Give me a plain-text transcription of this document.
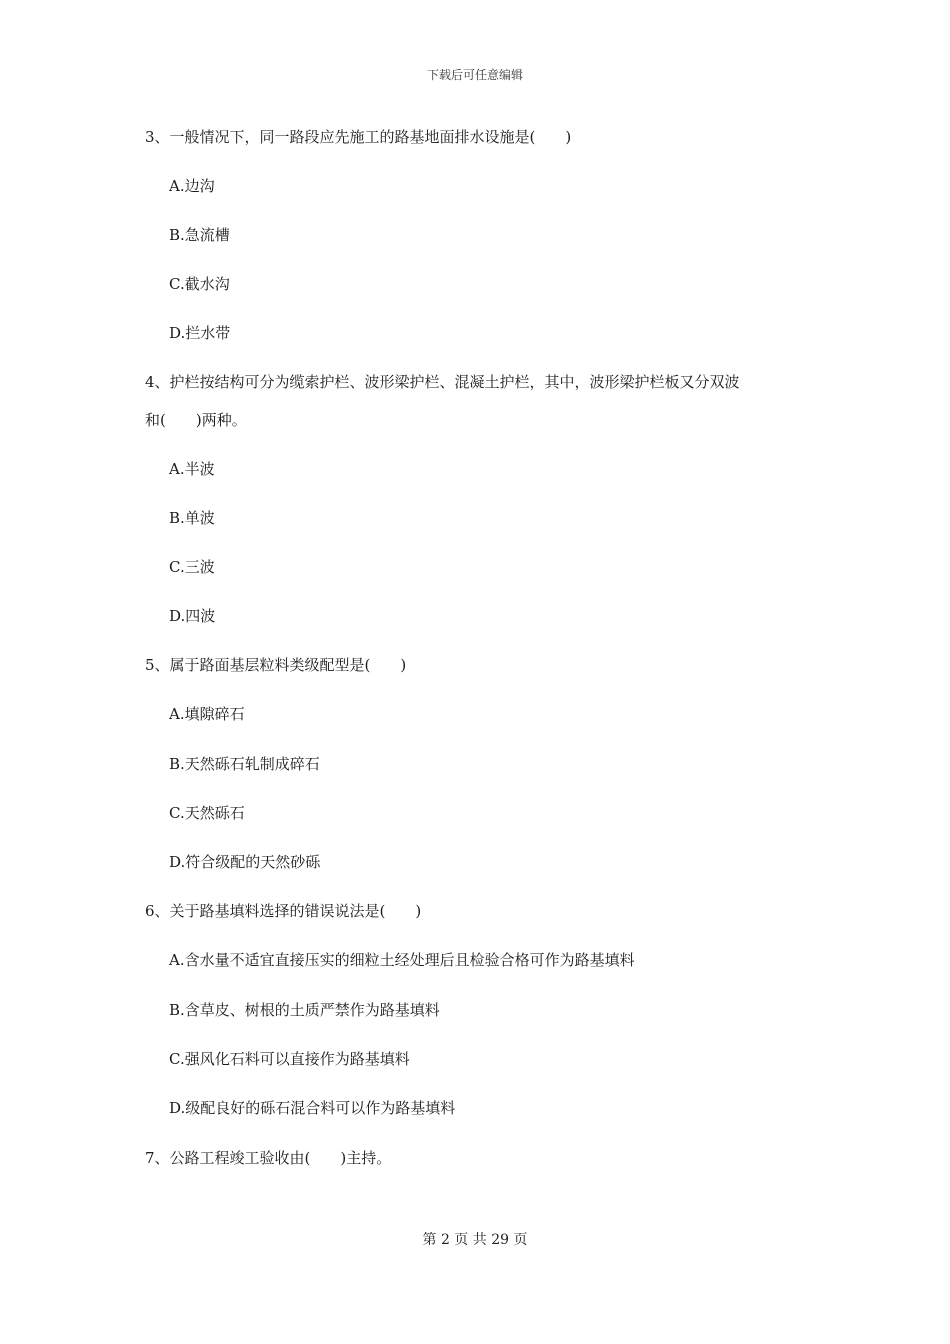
下载后可任意编辑
3、一般情况下，同一路段应先施工的路基地面排水设施是(　　)
A.边沟
B.急流槽
C.截水沟
D.拦水带
4、护栏按结构可分为缆索护栏、波形梁护栏、混凝土护栏，其中，波形梁护栏板又分双波
和(　　)两种。
A.半波
B.单波
C.三波
D.四波
5、属于路面基层粒料类级配型是(　　)
A.填隙碎石
B.天然砾石轧制成碎石
C.天然砾石
D.符合级配的天然砂砾
6、关于路基填料选择的错误说法是(　　)
A.含水量不适宜直接压实的细粒土经处理后且检验合格可作为路基填料
B.含草皮、树根的土质严禁作为路基填料
C.强风化石料可以直接作为路基填料
D.级配良好的砾石混合料可以作为路基填料
7、公路工程竣工验收由(　　)主持。
第 2 页 共 29 页
